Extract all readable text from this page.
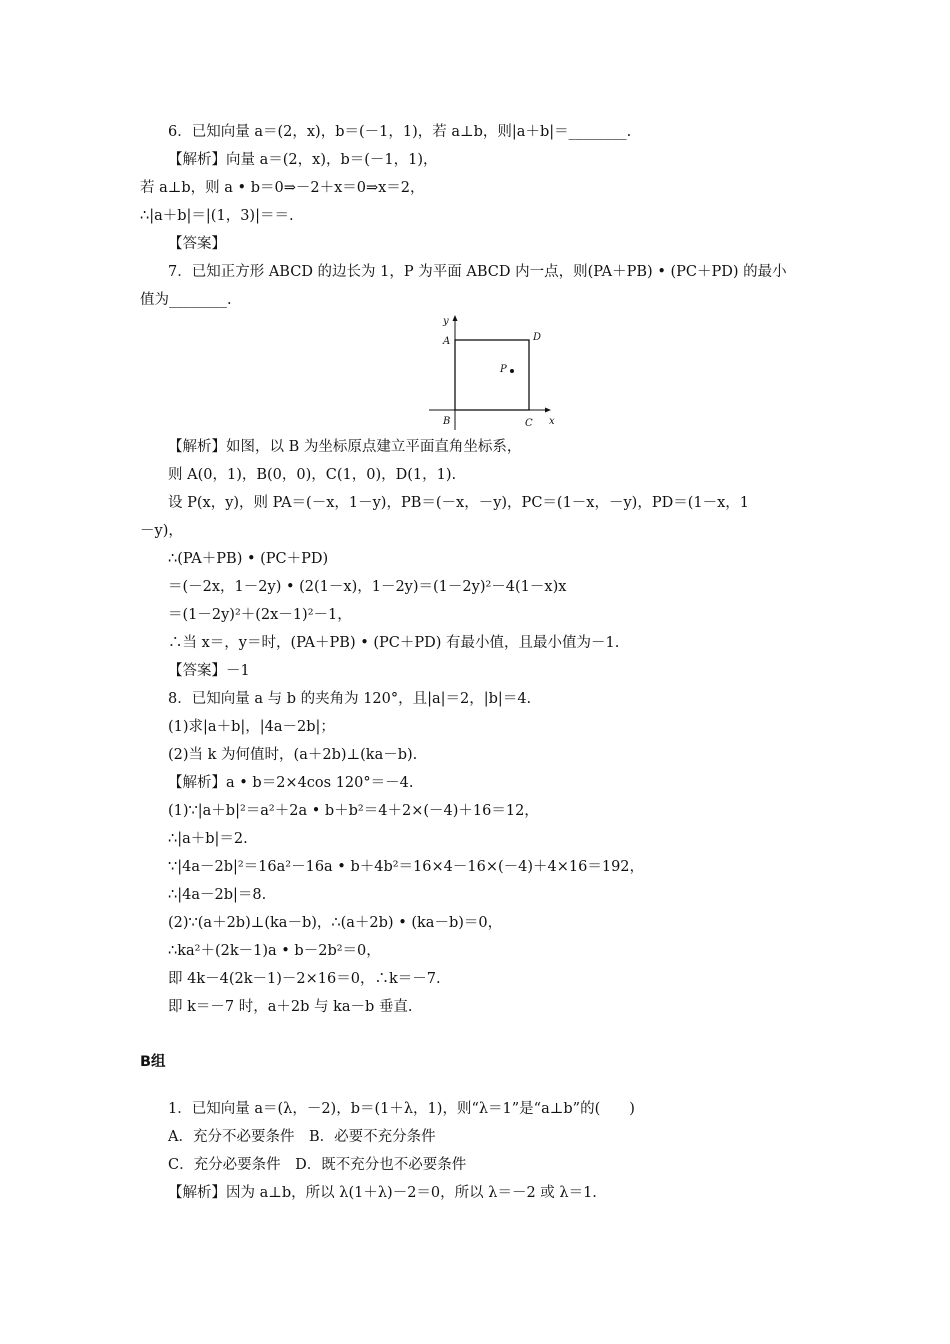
6．已知向量 a＝(2，x)，b＝(－1，1)，若 a⊥b，则|a＋b|＝________.
【解析】向量 a＝(2，x)，b＝(－1，1)，
若 a⊥b，则 a • b＝0⇒－2＋x＝0⇒x＝2，
∴|a＋b|＝|(1，3)|＝＝.
【答案】
7．已知正方形 ABCD 的边长为 1，P 为平面 ABCD 内一点，则(PA＋PB) • (PC＋PD) 的最小
值为________.
y
x
A
B	C
D
P
【解析】如图，以 B 为坐标原点建立平面直角坐标系，
则 A(0，1)，B(0，0)，C(1，0)，D(1，1).
设 P(x，y)，则 PA＝(－x，1－y)，PB＝(－x，－y)，PC＝(1－x，－y)，PD＝(1－x，1
－y)，
∴(PA＋PB) • (PC＋PD)
＝(－2x，1－2y) • (2(1－x)，1－2y)＝(1－2y)²－4(1－x)x
＝(1－2y)²＋(2x－1)²－1，
∴当 x＝，y＝时，(PA＋PB) • (PC＋PD) 有最小值，且最小值为－1.
【答案】－1
8．已知向量 a 与 b 的夹角为 120°，且|a|＝2，|b|＝4.
(1)求|a＋b|，|4a－2b|；
(2)当 k 为何值时，(a＋2b)⊥(ka－b).
【解析】a • b＝2×4cos 120°＝－4.
(1)∵|a＋b|²＝a²＋2a • b＋b²＝4＋2×(－4)＋16＝12，
∴|a＋b|＝2.
∵|4a－2b|²＝16a²－16a • b＋4b²＝16×4－16×(－4)＋4×16＝192，
∴|4a－2b|＝8.
(2)∵(a＋2b)⊥(ka－b)，∴(a＋2b) • (ka－b)＝0，
∴ka²＋(2k－1)a • b－2b²＝0，
即 4k－4(2k－1)－2×16＝0，∴k＝－7.
即 k＝－7 时，a＋2b 与 ka－b 垂直.
B组
1．已知向量 a＝(λ，－2)，b＝(1＋λ，1)，则“λ＝1”是“a⊥b”的(　　)
A．充分不必要条件　B．必要不充分条件
C．充分必要条件　D．既不充分也不必要条件
【解析】因为 a⊥b，所以 λ(1＋λ)－2＝0，所以 λ＝－2 或 λ＝1.
